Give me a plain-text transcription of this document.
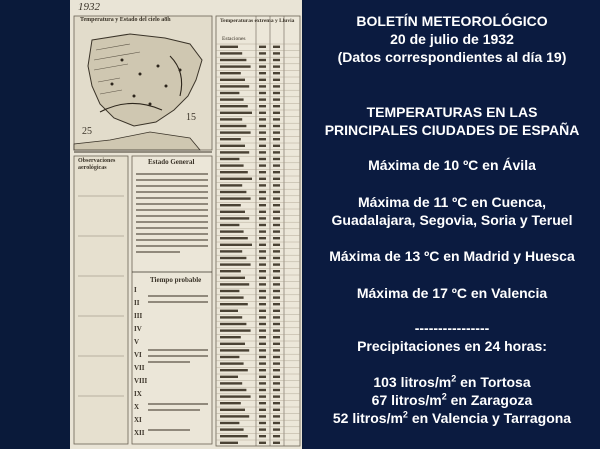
1932
Temperatura y Estado del cielo a8h	Temperaturas extrema y Lluvia
Estaciones
Observaciones aerológicas
Estado General
Tiempo probable
25
15
I
II
III
IV
V
VI
VII
VIII
IX
X
XI
XII
BOLETÍN METEOROLÓGICO
20 de julio de 1932
(Datos correspondientes al día 19)
TEMPERATURAS EN LAS
PRINCIPALES CIUDADES DE ESPAÑA
Máxima de 10 ºC en Ávila
Máxima de 11 ºC en Cuenca,
Guadalajara, Segovia, Soria y Teruel
Máxima de 13 ºC en Madrid y Huesca
Máxima de 17 ºC en Valencia
----------------
Precipitaciones en 24 horas:
103 litros/$m^2$ en Tortosa
67 litros/$m^2$ en Zaragoza
52 litros/$m^2$ en Valencia y Tarragona
